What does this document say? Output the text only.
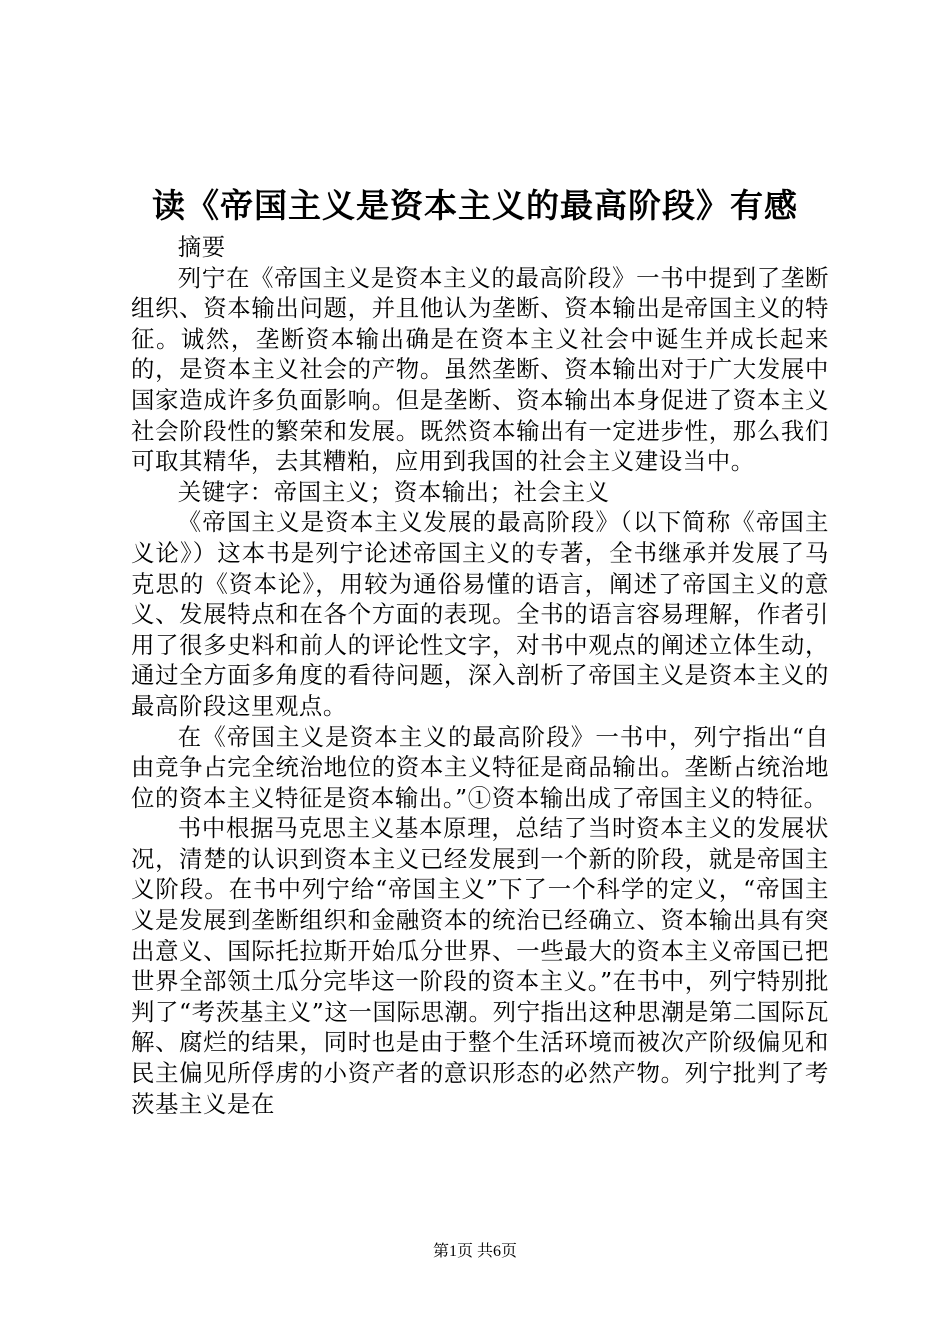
读《帝国主义是资本主义的最高阶段》有感

摘要

列宁在《帝国主义是资本主义的最高阶段》一书中提到了垄断组织、资本输出问题，并且他认为垄断、资本输出是帝国主义的特征。诚然，垄断资本输出确是在资本主义社会中诞生并成长起来的，是资本主义社会的产物。虽然垄断、资本输出对于广大发展中国家造成许多负面影响。但是垄断、资本输出本身促进了资本主义社会阶段性的繁荣和发展。既然资本输出有一定进步性，那么我们可取其精华，去其糟粕，应用到我国的社会主义建设当中。

关键字：帝国主义；资本输出；社会主义

《帝国主义是资本主义发展的最高阶段》（以下简称《帝国主义论》）这本书是列宁论述帝国主义的专著，全书继承并发展了马克思的《资本论》，用较为通俗易懂的语言，阐述了帝国主义的意义、发展特点和在各个方面的表现。全书的语言容易理解，作者引用了很多史料和前人的评论性文字，对书中观点的阐述立体生动，通过全方面多角度的看待问题，深入剖析了帝国主义是资本主义的最高阶段这里观点。

在《帝国主义是资本主义的最高阶段》一书中，列宁指出“自由竞争占完全统治地位的资本主义特征是商品输出。垄断占统治地位的资本主义特征是资本输出。”①资本输出成了帝国主义的特征。

书中根据马克思主义基本原理，总结了当时资本主义的发展状况，清楚的认识到资本主义已经发展到一个新的阶段，就是帝国主义阶段。在书中列宁给“帝国主义”下了一个科学的定义，“帝国主义是发展到垄断组织和金融资本的统治已经确立、资本输出具有突出意义、国际托拉斯开始瓜分世界、一些最大的资本主义帝国已把世界全部领土瓜分完毕这一阶段的资本主义。”在书中，列宁特别批判了“考茨基主义”这一国际思潮。列宁指出这种思潮是第二国际瓦解、腐烂的结果，同时也是由于整个生活环境而被次产阶级偏见和民主偏见所俘虏的小资产者的意识形态的必然产物。列宁批判了考茨基主义是在

第1页 共6页
